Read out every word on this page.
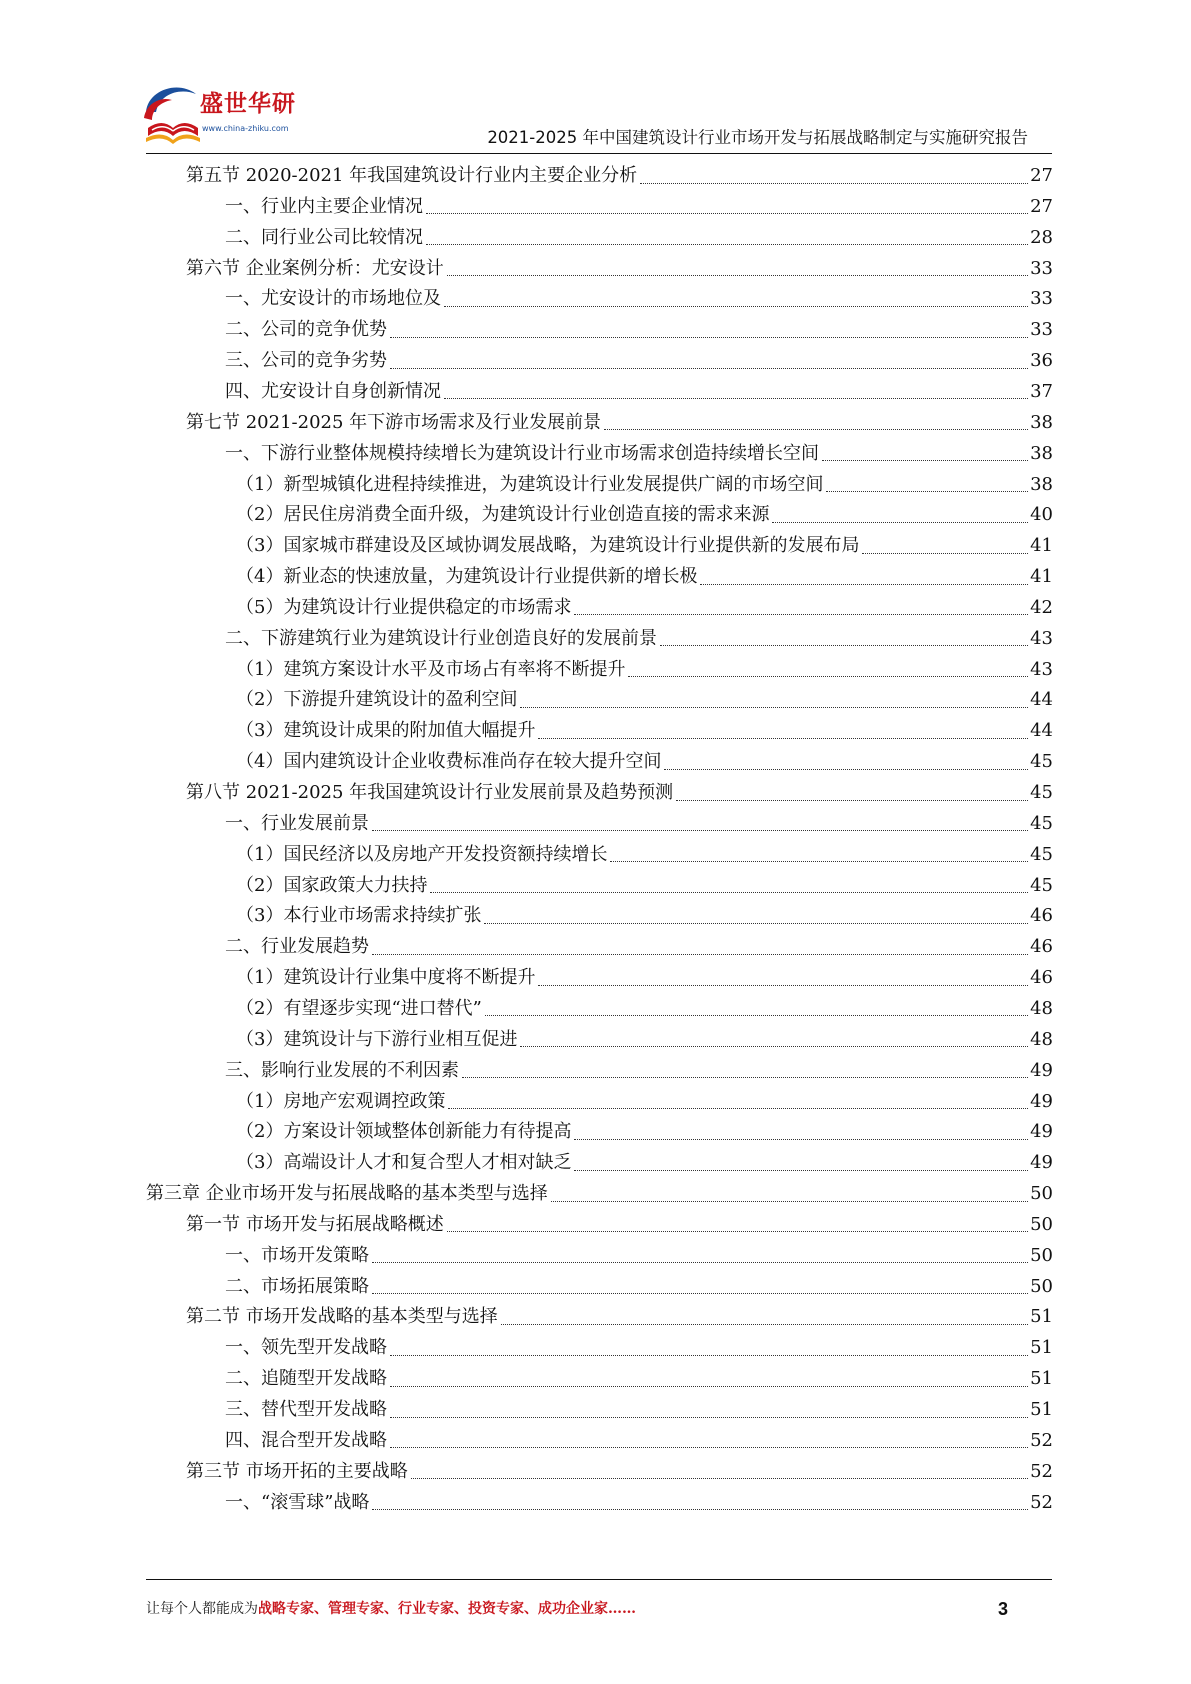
盛世华研
www.china-zhiku.com	2021-2025 年中国建筑设计行业市场开发与拓展战略制定与实施研究报告
第五节 2020-2021 年我国建筑设计行业内主要企业分析	27
一、行业内主要企业情况	27
二、同行业公司比较情况	28
第六节 企业案例分析：尤安设计	33
一、尤安设计的市场地位及	33
二、公司的竞争优势	33
三、公司的竞争劣势	36
四、尤安设计自身创新情况	37
第七节 2021-2025 年下游市场需求及行业发展前景	38
一、下游行业整体规模持续增长为建筑设计行业市场需求创造持续增长空间	38
（1）新型城镇化进程持续推进，为建筑设计行业发展提供广阔的市场空间	38
（2）居民住房消费全面升级，为建筑设计行业创造直接的需求来源	40
（3）国家城市群建设及区域协调发展战略，为建筑设计行业提供新的发展布局	41
（4）新业态的快速放量，为建筑设计行业提供新的增长极	41
（5）为建筑设计行业提供稳定的市场需求	42
二、下游建筑行业为建筑设计行业创造良好的发展前景	43
（1）建筑方案设计水平及市场占有率将不断提升	43
（2）下游提升建筑设计的盈利空间	44
（3）建筑设计成果的附加值大幅提升	44
（4）国内建筑设计企业收费标准尚存在较大提升空间	45
第八节 2021-2025 年我国建筑设计行业发展前景及趋势预测	45
一、行业发展前景	45
（1）国民经济以及房地产开发投资额持续增长	45
（2）国家政策大力扶持	45
（3）本行业市场需求持续扩张	46
二、行业发展趋势	46
（1）建筑设计行业集中度将不断提升	46
（2）有望逐步实现“进口替代”	48
（3）建筑设计与下游行业相互促进	48
三、影响行业发展的不利因素	49
（1）房地产宏观调控政策	49
（2）方案设计领域整体创新能力有待提高	49
（3）高端设计人才和复合型人才相对缺乏	49
第三章 企业市场开发与拓展战略的基本类型与选择	50
第一节 市场开发与拓展战略概述	50
一、市场开发策略	50
二、市场拓展策略	50
第二节 市场开发战略的基本类型与选择	51
一、领先型开发战略	51
二、追随型开发战略	51
三、替代型开发战略	51
四、混合型开发战略	52
第三节 市场开拓的主要战略	52
一、“滚雪球”战略	52
让每个人都能成为战略专家、管理专家、行业专家、投资专家、成功企业家……	3
